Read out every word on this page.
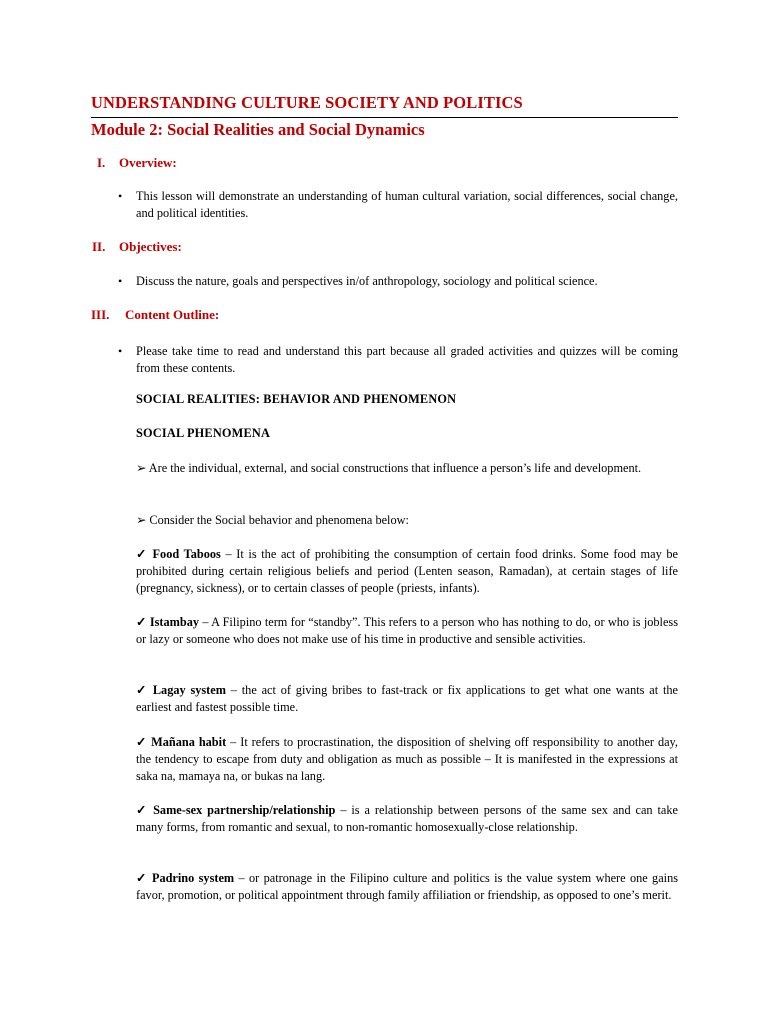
UNDERSTANDING CULTURE SOCIETY AND POLITICS
Module 2: Social Realities and Social Dynamics
I. Overview:
• This lesson will demonstrate an understanding of human cultural variation, social differences, social change, and political identities.
II. Objectives:
• Discuss the nature, goals and perspectives in/of anthropology, sociology and political science.
III. Content Outline:
• Please take time to read and understand this part because all graded activities and quizzes will be coming from these contents.
SOCIAL REALITIES: BEHAVIOR AND PHENOMENON
SOCIAL PHENOMENA
➢ Are the individual, external, and social constructions that influence a person’s life and development.
➢ Consider the Social behavior and phenomena below:
✓ Food Taboos – It is the act of prohibiting the consumption of certain food drinks. Some food may be prohibited during certain religious beliefs and period (Lenten season, Ramadan), at certain stages of life (pregnancy, sickness), or to certain classes of people (priests, infants).
✓ Istambay – A Filipino term for “standby”. This refers to a person who has nothing to do, or who is jobless or lazy or someone who does not make use of his time in productive and sensible activities.
✓ Lagay system – the act of giving bribes to fast-track or fix applications to get what one wants at the earliest and fastest possible time.
✓ Mañana habit – It refers to procrastination, the disposition of shelving off responsibility to another day, the tendency to escape from duty and obligation as much as possible – It is manifested in the expressions at saka na, mamaya na, or bukas na lang.
✓ Same-sex partnership/relationship – is a relationship between persons of the same sex and can take many forms, from romantic and sexual, to non-romantic homosexually-close relationship.
✓ Padrino system – or patronage in the Filipino culture and politics is the value system where one gains favor, promotion, or political appointment through family affiliation or friendship, as opposed to one’s merit.
